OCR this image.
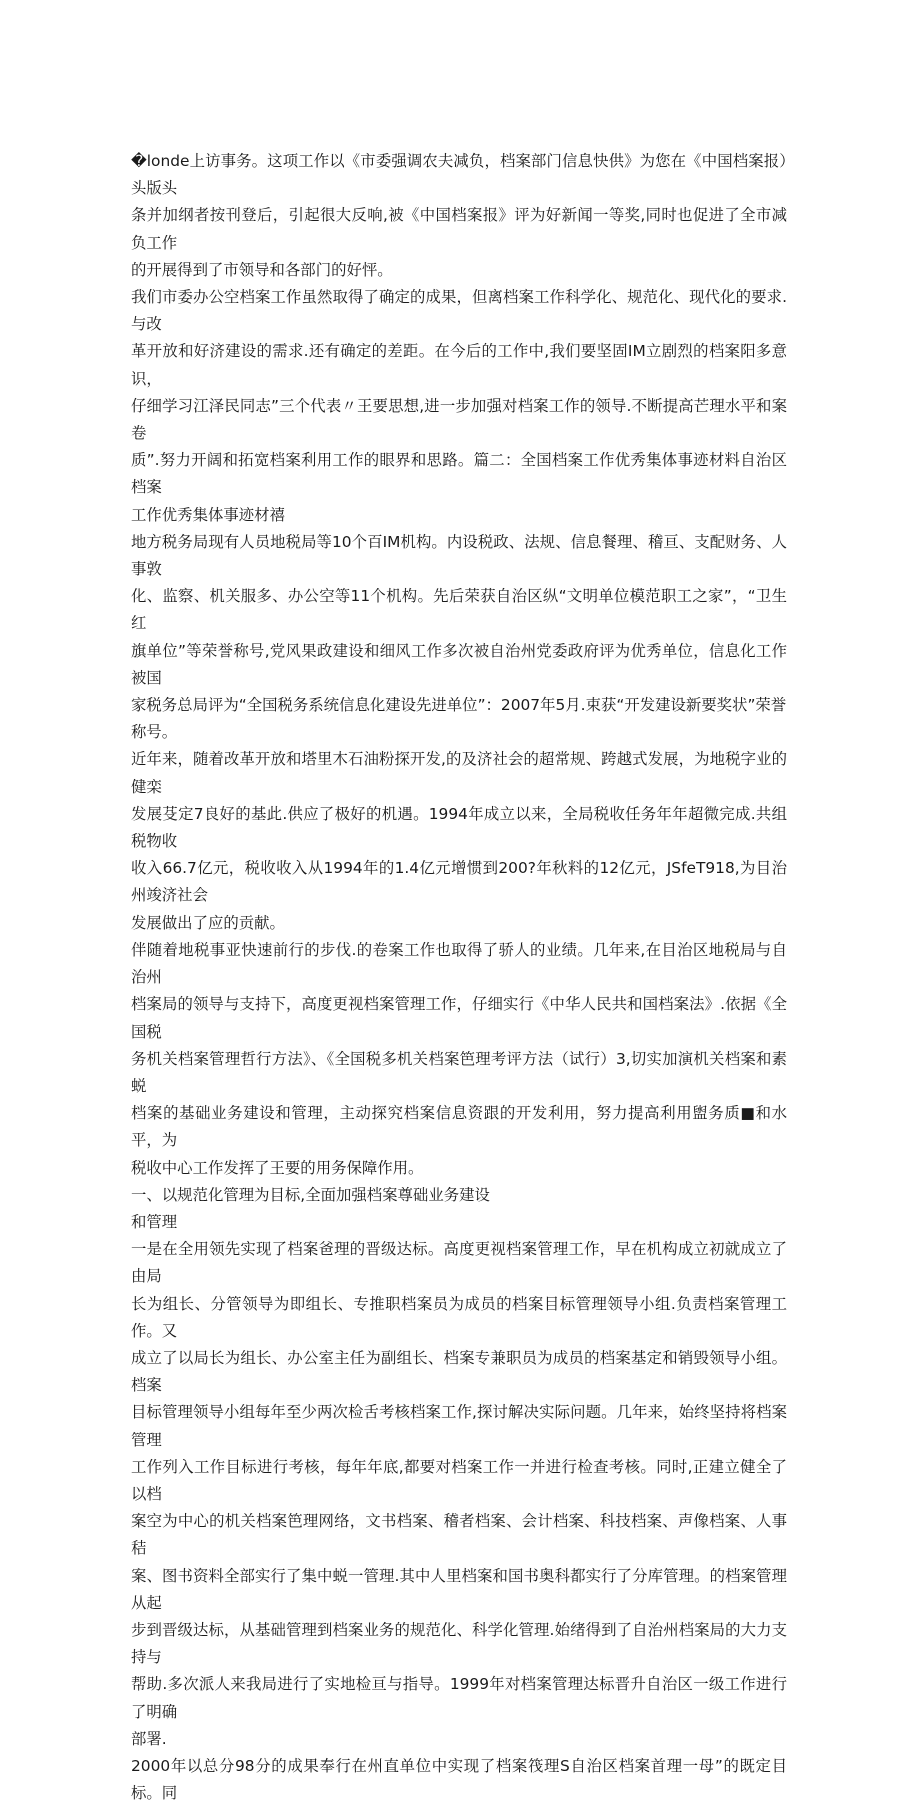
�londe上访事务。这项工作以《市委强调农夫减负，档案部门信息快供》为您在《中国档案报）头版头
条并加纲者按刊登后，引起很大反响,被《中国档案报》评为好新闻一等奖,同时也促进了全市减负工作
的开展得到了市领导和各部门的好怦。

我们市委办公空档案工作虽然取得了确定的成果，但离档案工作科学化、规范化、现代化的要求.与改
革开放和好济建设的需求.还有确定的差距。在今后的工作中,我们要坚固IM立剧烈的档案阳多意识，
仔细学习江泽民同志”三个代表〃王要思想,进一步加强对档案工作的领导.不断提高芒理水平和案卷
质”.努力开阔和拓宽档案利用工作的眼界和思路。篇二：全国档案工作优秀集体事迹材料自治区档案
工作优秀集体事迹材禧

地方税务局现有人员地税局等10个百IM机构。内设税政、法规、信息餐理、稽亘、支配财务、人事敦
化、监察、机关服多、办公空等11个机构。先后荣获自治区纵“文明单位模范职工之家”，“卫生红
旗单位”等荣誉称号,党风果政建设和细风工作多次被自治州党委政府评为优秀单位，信息化工作被国
家税务总局评为“全国税务系统信息化建设先进单位”：2007年5月.束获“开发建设新要奖状”荣誉
称号。

近年来，随着改革开放和塔里木石油粉探开发,的及济社会的超常规、跨越式发展，为地税字业的健栾
发展芟定7良好的基此.供应了极好的机遇。1994年成立以来，全局税收任务年年超微完成.共组税物收
收入66.7亿元，税收收入从1994年的1.4亿元增惯到200?年秋料的12亿元，JSfeT918,为目治州竣济社会
发展做出了应的贡献。

伴随着地税事亚快速前行的步伐.的卷案工作也取得了骄人的业绩。几年来,在目治区地税局与自治州
档案局的领导与支持下，高度更视档案管理工作，仔细实行《中华人民共和国档案法》.依据《全国税
务机关档案管理哲行方法》、《全国税多机关档案笆理考评方法（试行）3,切实加演机关档案和素蜕
档案的基础业务建设和管理，主动探究档案信息资跟的开发利用，努力提高利用盥务质■和水平，为
税收中心工作发挥了王要的用务保障作用。

一、以规范化管理为目标,全面加强档案尊础业务建设
和管理

一是在全用领先实现了档案爸理的晋级达标。高度更视档案管理工作，早在机构成立初就成立了由局
长为组长、分管领导为即组长、专推职档案员为成员的档案目标管理领导小组.负责档案管理工作。又
成立了以局长为组长、办公室主任为副组长、档案专兼职员为成员的档案基定和销毁领导小组。档案
目标管理领导小组每年至少两次检舌考核档案工作,探讨解决实际问题。几年来，始终坚持将档案管理
工作列入工作目标进行考核，每年年底,都要对档案工作一并进行检查考核。同时,正建立健全了以档
案空为中心的机关档案笆理网络，文书档案、稽者档案、会计档案、科技档案、声像档案、人事秸
案、图书资料全部实行了集中蜕一管理.其中人里档案和国书奥科都实行了分库管理。的档案管理从起
步到晋级达标，从基础管理到档案业务的规范化、科学化管理.始绪得到了自治州档案局的大力支持与
帮助.多次派人来我局进行了实地检亘与指导。1999年对档案管理达标晋升自治区一级工作进行了明确
部署.

2000年以总分98分的成果奉行在州直单位中实现了档案筏理S自治区档案首理一母”的既定目标。同
